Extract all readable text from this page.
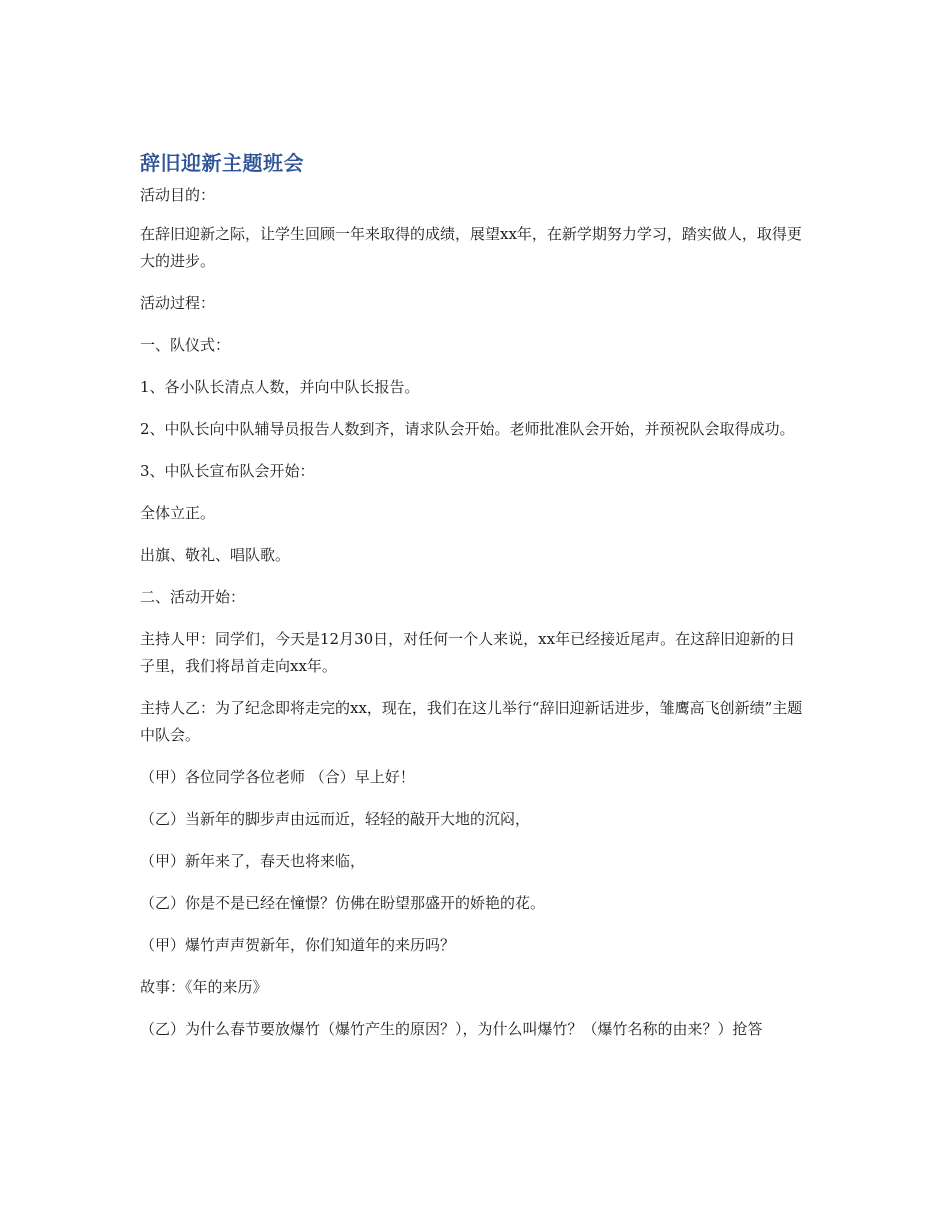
辞旧迎新主题班会

活动目的：

在辞旧迎新之际，让学生回顾一年来取得的成绩，展望xx年，在新学期努力学习，踏实做人，取得更大的进步。

活动过程：

一、队仪式：

1、各小队长清点人数，并向中队长报告。

2、中队长向中队辅导员报告人数到齐，请求队会开始。老师批准队会开始，并预祝队会取得成功。

3、中队长宣布队会开始：

全体立正。

出旗、敬礼、唱队歌。

二、活动开始：

主持人甲：同学们，今天是12月30日，对任何一个人来说，xx年已经接近尾声。在这辞旧迎新的日子里，我们将昂首走向xx年。

主持人乙：为了纪念即将走完的xx，现在，我们在这儿举行“辞旧迎新话进步，雏鹰高飞创新绩”主题中队会。

（甲）各位同学各位老师 （合）早上好！

（乙）当新年的脚步声由远而近，轻轻的敲开大地的沉闷，

（甲）新年来了，春天也将来临，

（乙）你是不是已经在憧憬？仿佛在盼望那盛开的娇艳的花。

（甲）爆竹声声贺新年，你们知道年的来历吗？

故事：《年的来历》

（乙）为什么春节要放爆竹（爆竹产生的原因？），为什么叫爆竹？（爆竹名称的由来？）抢答
